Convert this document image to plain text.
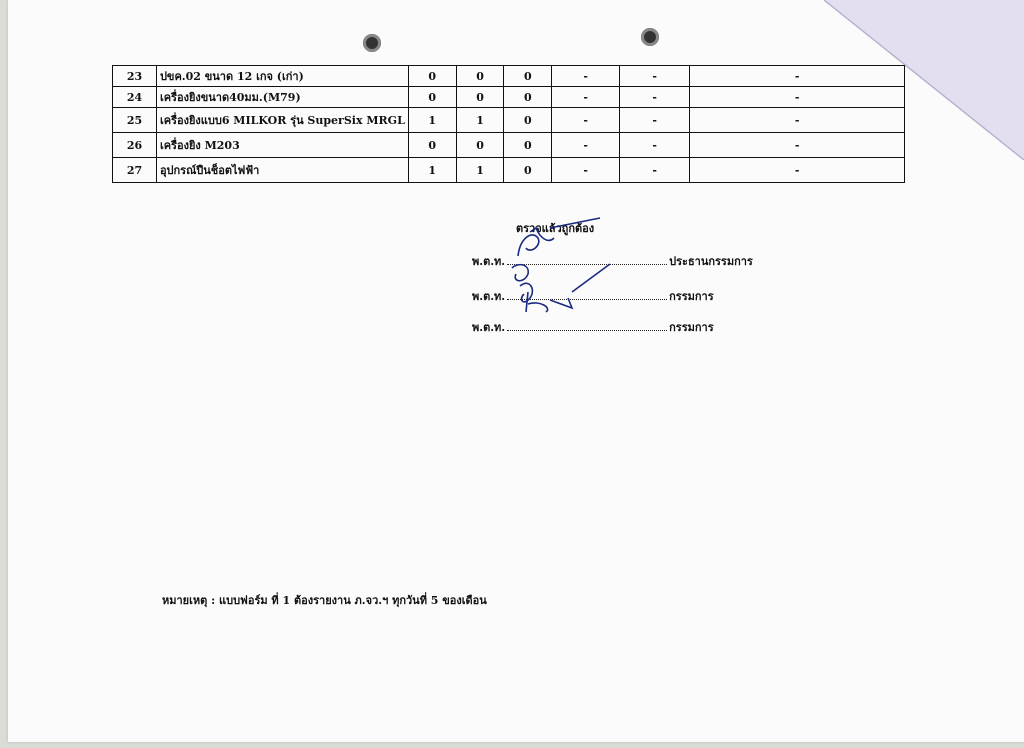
23	ปขค.02 ขนาด 12 เกจ (เก่า)	0	0	0	-	-	-
24	เครื่องยิงขนาด40มม.(M79)	0	0	0	-	-	-
25	เครื่องยิงแบบ6 MILKOR รุ่น SuperSix MRGL	1	1	0	-	-	-
26	เครื่องยิง M203	0	0	0	-	-	-
27	อุปกรณ์ปืนช็อตไฟฟ้า	1	1	0	-	-	-
ตรวจแล้วถูกต้อง
พ.ต.ท.	ประธานกรรมการ
พ.ต.ท.	กรรมการ
พ.ต.ท.	กรรมการ
หมายเหตุ : แบบฟอร์ม ที่ 1 ต้องรายงาน ภ.จว.ฯ ทุกวันที่ 5 ของเดือน
